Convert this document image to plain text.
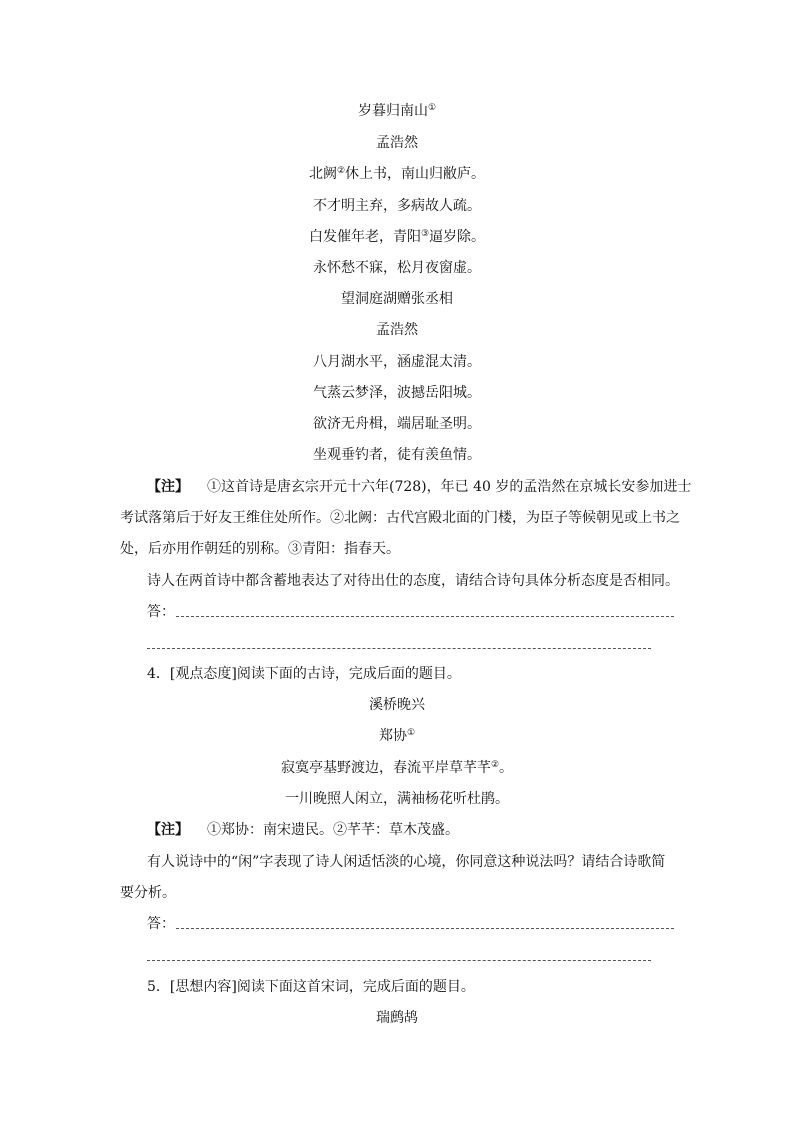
岁暮归南山①
孟浩然
北阙②休上书，南山归敝庐。
不才明主弃，多病故人疏。
白发催年老，青阳③逼岁除。
永怀愁不寐，松月夜窗虚。
望洞庭湖赠张丞相
孟浩然
八月湖水平，涵虚混太清。
气蒸云梦泽，波撼岳阳城。
欲济无舟楫，端居耻圣明。
坐观垂钓者，徒有羡鱼情。
【注】 ①这首诗是唐玄宗开元十六年(728)，年已 40 岁的孟浩然在京城长安参加进士
考试落第后于好友王维住处所作。②北阙：古代宫殿北面的门楼，为臣子等候朝见或上书之
处，后亦用作朝廷的别称。③青阳：指春天。
诗人在两首诗中都含蓄地表达了对待出仕的态度，请结合诗句具体分析态度是否相同。
答：
4．[观点态度]阅读下面的古诗，完成后面的题目。
溪桥晚兴
郑协①
寂寞亭基野渡边，春流平岸草芊芊②。
一川晚照人闲立，满袖杨花听杜鹃。
【注】 ①郑协：南宋遗民。②芊芊：草木茂盛。
有人说诗中的“闲”字表现了诗人闲适恬淡的心境，你同意这种说法吗？请结合诗歌简
要分析。
答：
5．[思想内容]阅读下面这首宋词，完成后面的题目。
瑞鹧鸪
